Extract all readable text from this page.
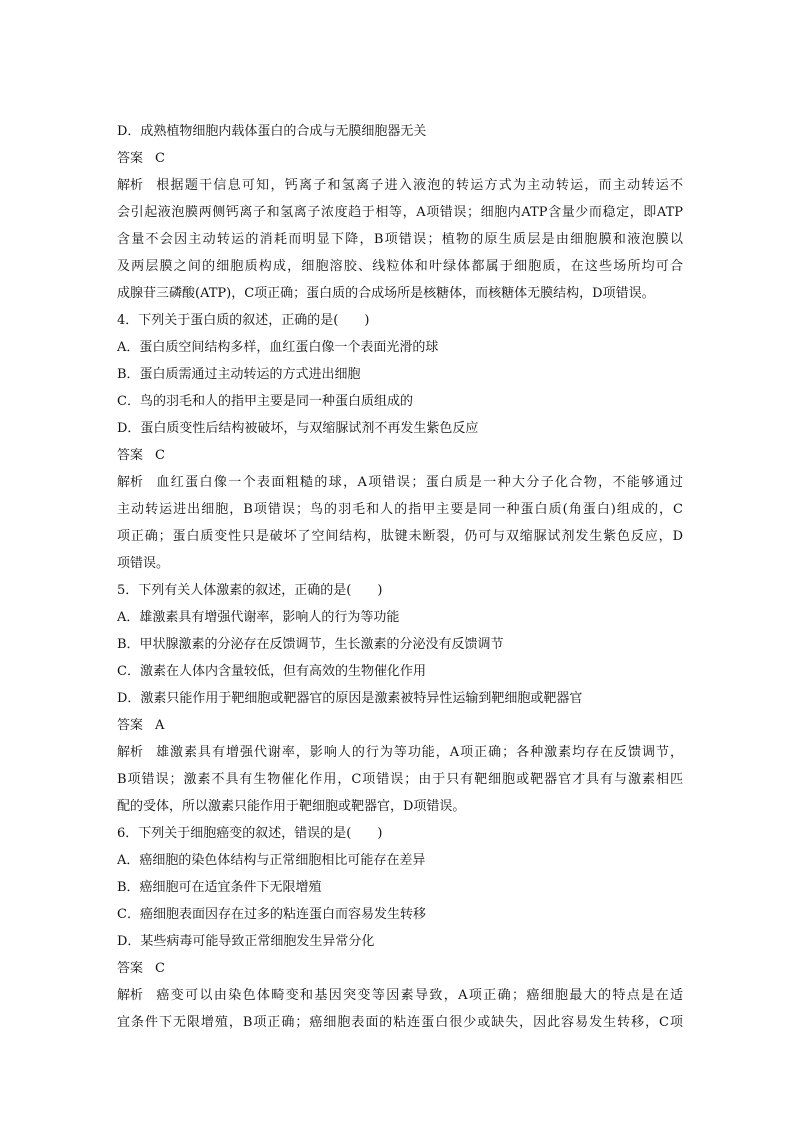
D．成熟植物细胞内载体蛋白的合成与无膜细胞器无关
答案 C
解析 根据题干信息可知，钙离子和氢离子进入液泡的转运方式为主动转运，而主动转运不
会引起液泡膜两侧钙离子和氢离子浓度趋于相等，A项错误；细胞内ATP含量少而稳定，即ATP
含量不会因主动转运的消耗而明显下降，B项错误；植物的原生质层是由细胞膜和液泡膜以
及两层膜之间的细胞质构成，细胞溶胶、线粒体和叶绿体都属于细胞质，在这些场所均可合
成腺苷三磷酸(ATP)，C项正确；蛋白质的合成场所是核糖体，而核糖体无膜结构，D项错误。
4．下列关于蛋白质的叙述，正确的是(　　)
A．蛋白质空间结构多样，血红蛋白像一个表面光滑的球
B．蛋白质需通过主动转运的方式进出细胞
C．鸟的羽毛和人的指甲主要是同一种蛋白质组成的
D．蛋白质变性后结构被破坏，与双缩脲试剂不再发生紫色反应
答案 C
解析 血红蛋白像一个表面粗糙的球，A项错误；蛋白质是一种大分子化合物，不能够通过
主动转运进出细胞，B项错误；鸟的羽毛和人的指甲主要是同一种蛋白质(角蛋白)组成的，C
项正确；蛋白质变性只是破坏了空间结构，肽键未断裂，仍可与双缩脲试剂发生紫色反应，D
项错误。
5．下列有关人体激素的叙述，正确的是(　　)
A．雄激素具有增强代谢率，影响人的行为等功能
B．甲状腺激素的分泌存在反馈调节，生长激素的分泌没有反馈调节
C．激素在人体内含量较低，但有高效的生物催化作用
D．激素只能作用于靶细胞或靶器官的原因是激素被特异性运输到靶细胞或靶器官
答案 A
解析 雄激素具有增强代谢率，影响人的行为等功能，A项正确；各种激素均存在反馈调节，
B项错误；激素不具有生物催化作用，C项错误；由于只有靶细胞或靶器官才具有与激素相匹
配的受体，所以激素只能作用于靶细胞或靶器官，D项错误。
6．下列关于细胞癌变的叙述，错误的是(　　)
A．癌细胞的染色体结构与正常细胞相比可能存在差异
B．癌细胞可在适宜条件下无限增殖
C．癌细胞表面因存在过多的粘连蛋白而容易发生转移
D．某些病毒可能导致正常细胞发生异常分化
答案 C
解析 癌变可以由染色体畸变和基因突变等因素导致，A项正确；癌细胞最大的特点是在适
宜条件下无限增殖，B项正确；癌细胞表面的粘连蛋白很少或缺失，因此容易发生转移，C项
